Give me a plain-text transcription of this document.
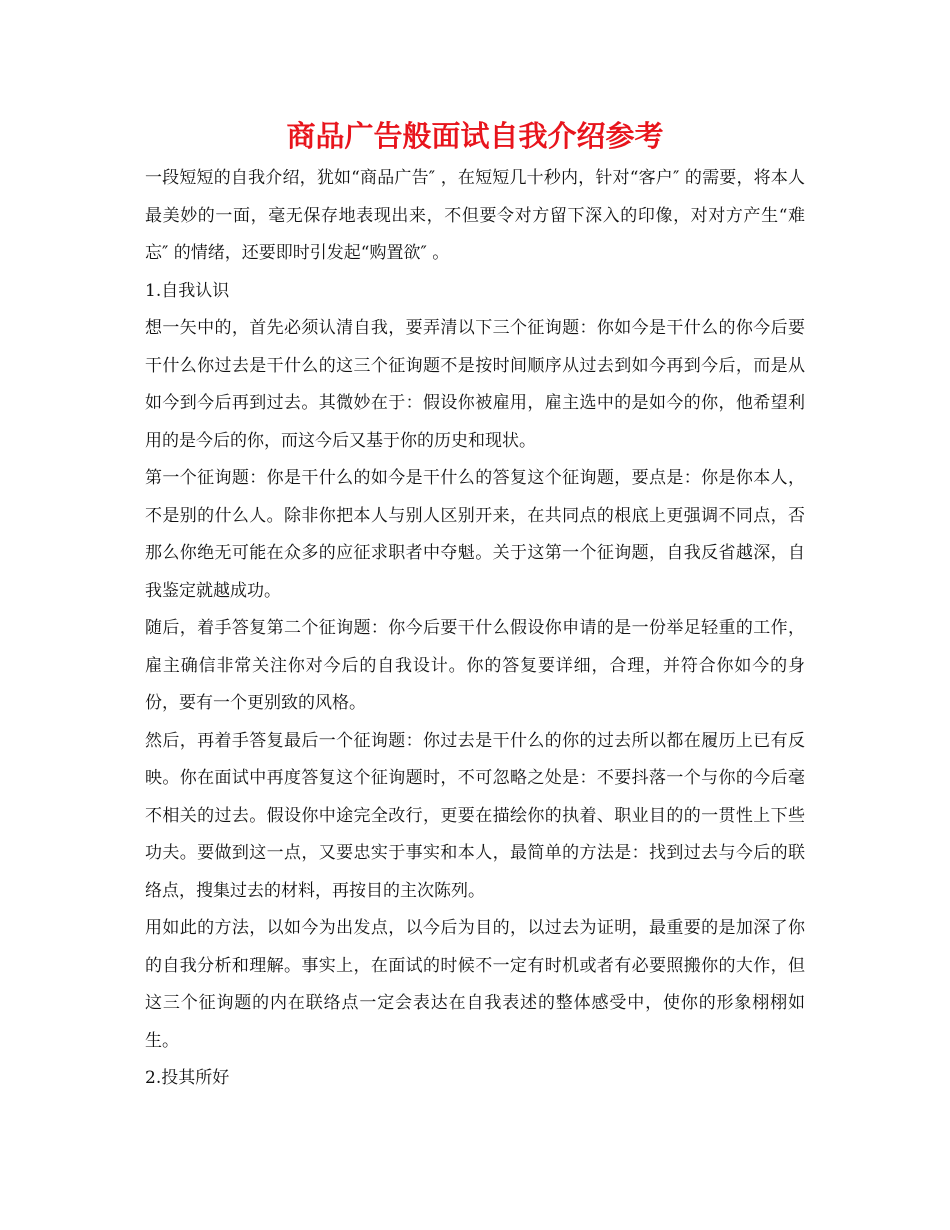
商品广告般面试自我介绍参考

一段短短的自我介绍，犹如“商品广告″ ，在短短几十秒内，针对“客户″ 的需要，将本人最美妙的一面，毫无保存地表现出来，不但要令对方留下深入的印像，对对方产生“难忘″ 的情绪，还要即时引发起“购置欲″ 。

1.自我认识

想一矢中的，首先必须认清自我，要弄清以下三个征询题：你如今是干什么的你今后要干什么你过去是干什么的这三个征询题不是按时间顺序从过去到如今再到今后，而是从如今到今后再到过去。其微妙在于：假设你被雇用，雇主选中的是如今的你，他希望利用的是今后的你，而这今后又基于你的历史和现状。

第一个征询题：你是干什么的如今是干什么的答复这个征询题，要点是：你是你本人，不是别的什么人。除非你把本人与别人区别开来，在共同点的根底上更强调不同点，否那么你绝无可能在众多的应征求职者中夺魁。关于这第一个征询题，自我反省越深，自我鉴定就越成功。

随后，着手答复第二个征询题：你今后要干什么假设你申请的是一份举足轻重的工作，雇主确信非常关注你对今后的自我设计。你的答复要详细，合理，并符合你如今的身份，要有一个更别致的风格。

然后，再着手答复最后一个征询题：你过去是干什么的你的过去所以都在履历上已有反映。你在面试中再度答复这个征询题时，不可忽略之处是：不要抖落一个与你的今后毫不相关的过去。假设你中途完全改行，更要在描绘你的执着、职业目的的一贯性上下些功夫。要做到这一点，又要忠实于事实和本人，最简单的方法是：找到过去与今后的联络点，搜集过去的材料，再按目的主次陈列。

用如此的方法，以如今为出发点，以今后为目的，以过去为证明，最重要的是加深了你的自我分析和理解。事实上，在面试的时候不一定有时机或者有必要照搬你的大作，但这三个征询题的内在联络点一定会表达在自我表述的整体感受中，使你的形象栩栩如生。

2.投其所好
